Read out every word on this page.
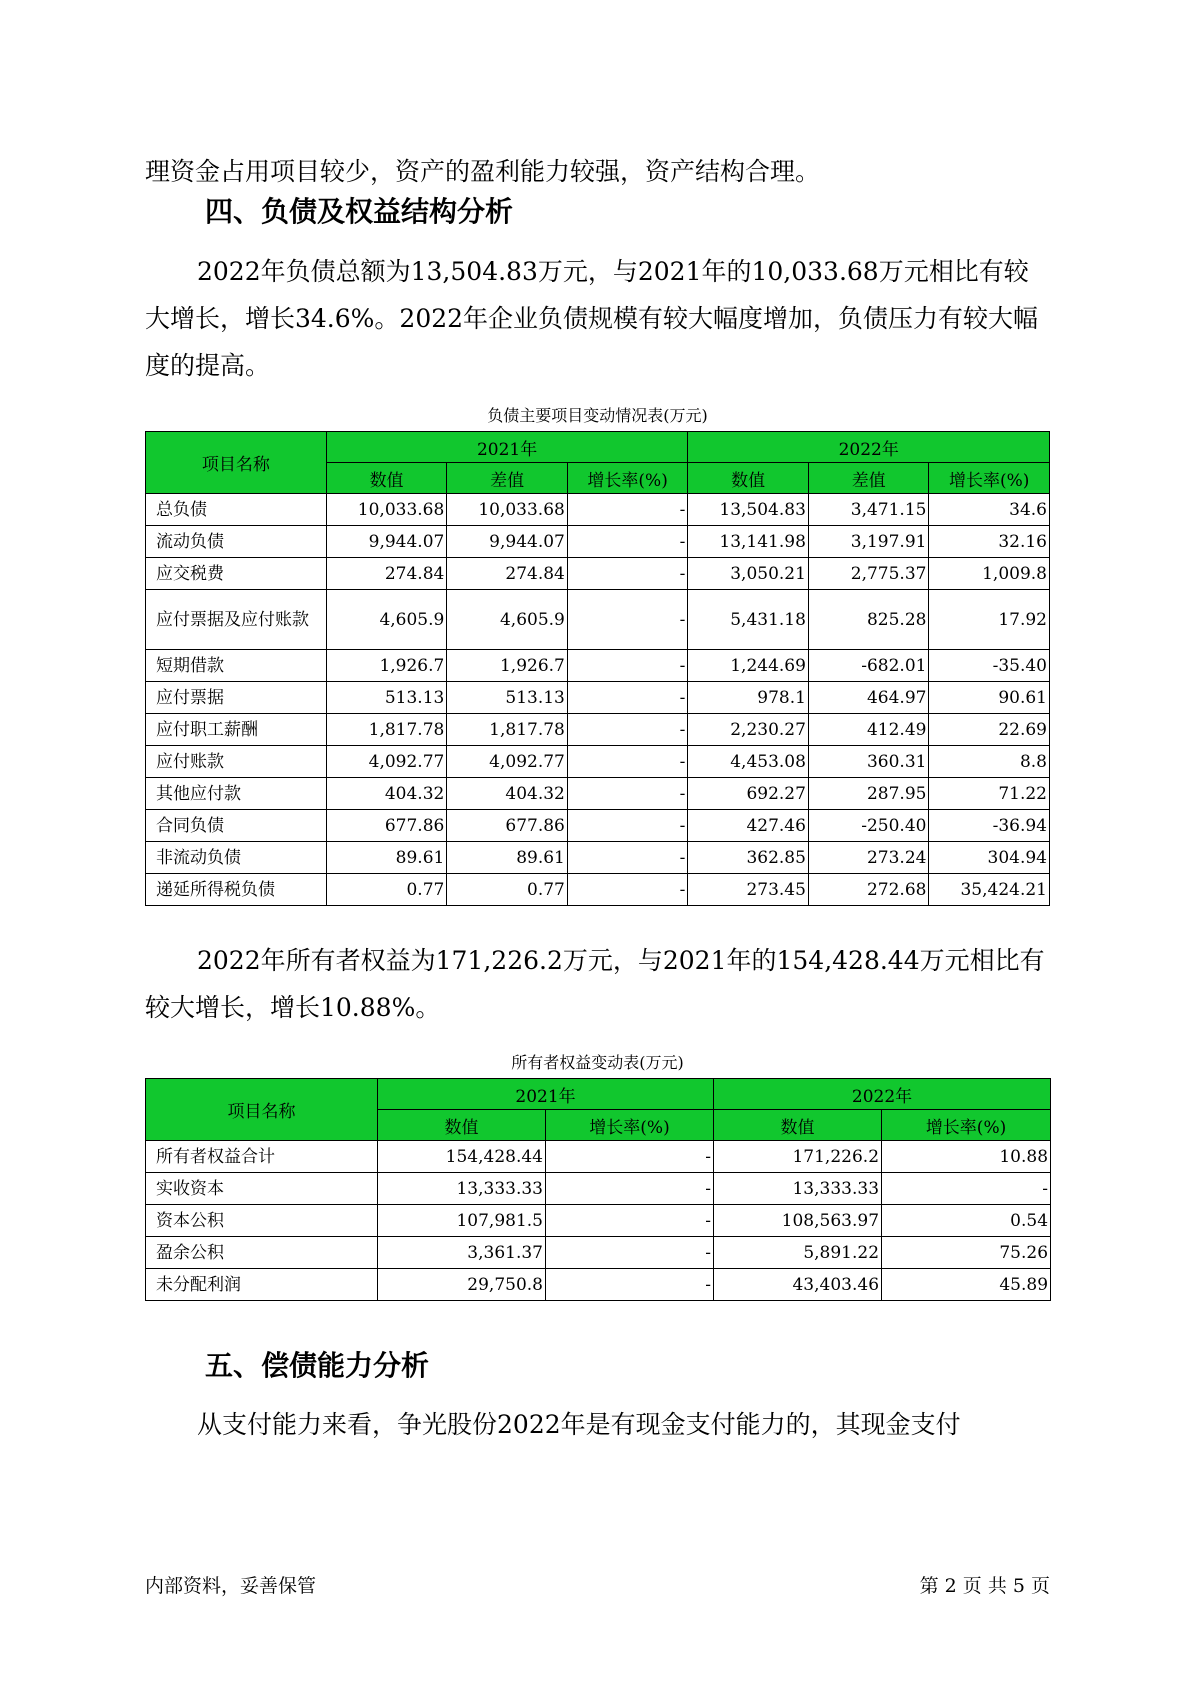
理资金占用项目较少，资产的盈利能力较强，资产结构合理。

四、负债及权益结构分析

2022年负债总额为13,504.83万元，与2021年的10,033.68万元相比有较大增长，增长34.6%。2022年企业负债规模有较大幅度增加，负债压力有较大幅度的提高。

负债主要项目变动情况表(万元)

项目名称	2021年			2022年		
	数值	差值	增长率(%)	数值	差值	增长率(%)
总负债	10,033.68	10,033.68	-	13,504.83	3,471.15	34.6
流动负债	9,944.07	9,944.07	-	13,141.98	3,197.91	32.16
应交税费	274.84	274.84	-	3,050.21	2,775.37	1,009.8
应付票据及应付账款	4,605.9	4,605.9	-	5,431.18	825.28	17.92
短期借款	1,926.7	1,926.7	-	1,244.69	-682.01	-35.40
应付票据	513.13	513.13	-	978.1	464.97	90.61
应付职工薪酬	1,817.78	1,817.78	-	2,230.27	412.49	22.69
应付账款	4,092.77	4,092.77	-	4,453.08	360.31	8.8
其他应付款	404.32	404.32	-	692.27	287.95	71.22
合同负债	677.86	677.86	-	427.46	-250.40	-36.94
非流动负债	89.61	89.61	-	362.85	273.24	304.94
递延所得税负债	0.77	0.77	-	273.45	272.68	35,424.21

2022年所有者权益为171,226.2万元，与2021年的154,428.44万元相比有较大增长，增长10.88%。

所有者权益变动表(万元)

项目名称	2021年		2022年	
	数值	增长率(%)	数值	增长率(%)
所有者权益合计	154,428.44	-	171,226.2	10.88
实收资本	13,333.33	-	13,333.33	-
资本公积	107,981.5	-	108,563.97	0.54
盈余公积	3,361.37	-	5,891.22	75.26
未分配利润	29,750.8	-	43,403.46	45.89

五、偿债能力分析

从支付能力来看，争光股份2022年是有现金支付能力的，其现金支付

内部资料，妥善保管	第 2 页 共 5 页
